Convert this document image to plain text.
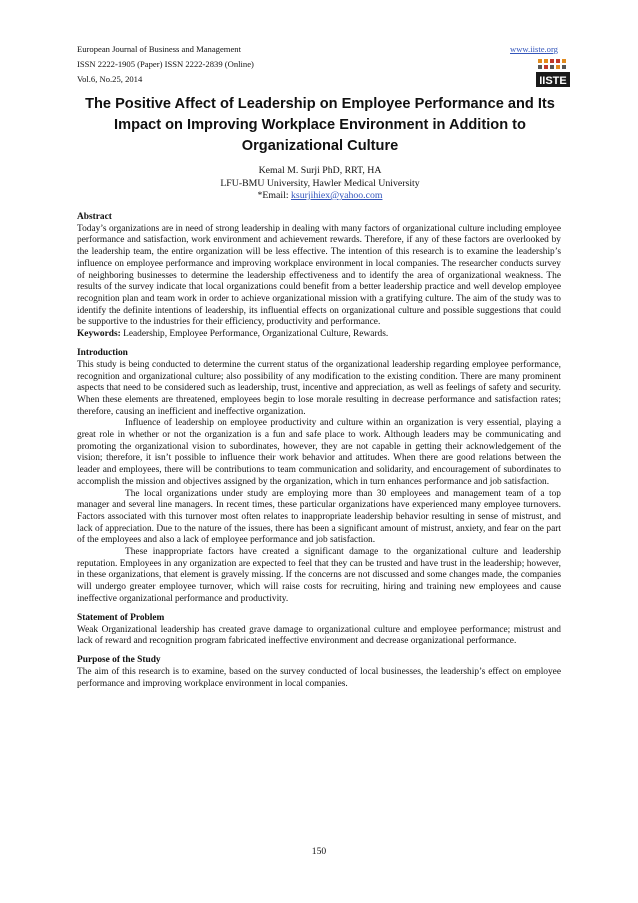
European Journal of Business and Management
ISSN 2222-1905 (Paper) ISSN 2222-2839 (Online)
Vol.6, No.25, 2014
www.iiste.org
IISTE
The Positive Affect of Leadership on Employee Performance and Its Impact on Improving Workplace Environment in Addition to Organizational Culture
Kemal M. Surji PhD, RRT, HA
LFU-BMU University, Hawler Medical University
*Email: ksurjihiex@yahoo.com

Abstract

Today’s organizations are in need of strong leadership in dealing with many factors of organizational culture including employee performance and satisfaction, work environment and achievement rewards. Therefore, if any of these factors are overlooked by the leadership team, the entire organization will be less effective. The intention of this research is to examine the leadership’s influence on employee performance and improving workplace environment in local companies. The researcher conducts survey of neighboring businesses to determine the leadership effectiveness and to identify the area of organizational weakness. The results of the survey indicate that local organizations could benefit from a better leadership practice and well develop employee recognition plan and team work in order to achieve organizational mission with a gratifying culture. The aim of the study was to identify the definite intentions of leadership, its influential effects on organizational culture and possible suggestions that could be supportive to the industries for their efficiency, productivity and performance.

Keywords: Leadership, Employee Performance, Organizational Culture, Rewards.

Introduction

This study is being conducted to determine the current status of the organizational leadership regarding employee performance, recognition and organizational culture; also possibility of any modification to the existing condition. There are many prominent aspects that need to be considered such as leadership, trust, incentive and appreciation, as well as feelings of safety and security. When these elements are threatened, employees begin to lose morale resulting in decrease performance and satisfaction rates; therefore, causing an inefficient and ineffective organization.

Influence of leadership on employee productivity and culture within an organization is very essential, playing a great role in whether or not the organization is a fun and safe place to work. Although leaders may be communicating and promoting the organizational vision to subordinates, however, they are not capable in getting their acknowledgement of the vision; therefore, it isn’t possible to influence their work behavior and attitudes. When there are good relations between the leader and employees, there will be contributions to team communication and solidarity, and encouragement of subordinates to accomplish the mission and objectives assigned by the organization, which in turn enhances performance and job satisfaction.

The local organizations under study are employing more than 30 employees and management team of a top manager and several line managers. In recent times, these particular organizations have experienced many employee turnovers. Factors associated with this turnover most often relates to inappropriate leadership behavior resulting in sense of mistrust, and lack of appreciation. Due to the nature of the issues, there has been a significant amount of mistrust, anxiety, and fear on the part of the employees and also a lack of employee performance and job satisfaction.

These inappropriate factors have created a significant damage to the organizational culture and leadership reputation. Employees in any organization are expected to feel that they can be trusted and have trust in the leadership; however, in these organizations, that element is gravely missing. If the concerns are not discussed and some changes made, the companies will undergo greater employee turnover, which will raise costs for recruiting, hiring and training new employees and cause ineffective organizational performance and productivity.

Statement of Problem

Weak Organizational leadership has created grave damage to organizational culture and employee performance; mistrust and lack of reward and recognition program fabricated ineffective environment and decrease organizational performance.

Purpose of the Study

The aim of this research is to examine, based on the survey conducted of local businesses, the leadership’s effect on employee performance and improving workplace environment in local companies.

150
